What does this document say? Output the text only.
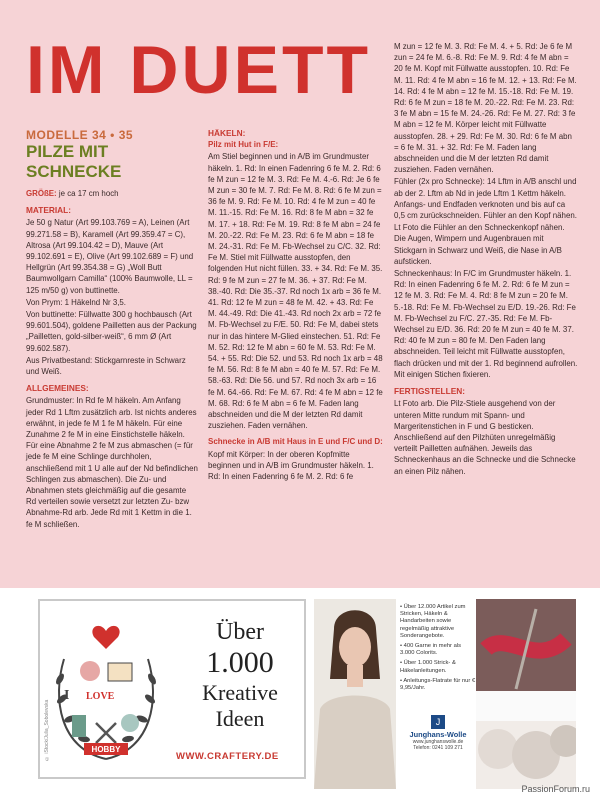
IM DUETT
MODELLE 34 • 35
PILZE MIT SCHNECKE
GRÖßE: je ca 17 cm hoch
MATERIAL:
Je 50 g Natur (Art 99.103.769 = A), Leinen (Art 99.271.58 = B), Karamell (Art 99.359.47 = C), Altrosa (Art 99.104.42 = D), Mauve (Art 99.102.691 = E), Olive (Art 99.102.689 = F) und Hellgrün (Art 99.354.38 = G) „Woll Butt Baumwollgarn Camilla“ (100% Baumwolle, LL = 125 m/50 g) von buttinette.
Von Prym: 1 Häkelnd Nr 3,5.
Von buttinette: Füllwatte 300 g hochbausch (Art 99.601.504), goldene Pailletten aus der Packung „Pailletten, gold-silber-weiß“, 6 mm Ø (Art 99.602.587).
Aus Privatbestand: Stickgarnreste in Schwarz und Weiß.
ALLGEMEINES:
Grundmuster: In Rd fe M häkeln. Am Anfang jeder Rd 1 Lftm zusätzlich arb. Ist nichts anderes erwähnt, in jede fe M 1 fe M häkeln. Für eine Zunahme 2 fe M in eine Einstichstelle häkeln. Für eine Abnahme 2 fe M zus abmaschen (= für jede fe M eine Schlinge durchholen, anschließend mit 1 U alle auf der Nd befindlichen Schlingen zus abmaschen). Die Zu- und Abnahmen stets gleichmäßig auf die gesamte Rd verteilen sowie versetzt zur letzten Zu- bzw Abnahme-Rd arb. Jede Rd mit 1 Kettm in die 1. fe M schließen.
HÄKELN:
Pilz mit Hut in F/E:
Am Stiel beginnen und in A/B im Grundmuster häkeln. 1. Rd: In einen Fadenring 6 fe M. 2. Rd: 6 fe M zun = 12 fe M. 3. Rd: Fe M. 4.-6. Rd: Je 6 fe M zun = 30 fe M. 7. Rd: Fe M. 8. Rd: 6 fe M zun = 36 fe M. 9. Rd: Fe M. 10. Rd: 4 fe M zun = 40 fe M. 11.-15. Rd: Fe M. 16. Rd: 8 fe M abn = 32 fe M. 17. + 18. Rd: Fe M. 19. Rd: 8 fe M abn = 24 fe M. 20.-22. Rd: Fe M. 23. Rd: 6 fe M abn = 18 fe M. 24.-31. Rd: Fe M. Fb-Wechsel zu C/C. 32. Rd: Fe M. Stiel mit Füllwatte ausstopfen, den folgenden Hut nicht füllen. 33. + 34. Rd: Fe M. 35. Rd: 9 fe M zun = 27 fe M. 36. + 37. Rd: Fe M. 38.-40. Rd: Die 35.-37. Rd noch 1x arb = 36 fe M. 41. Rd: 12 fe M zun = 48 fe M. 42. + 43. Rd: Fe M. 44.-49. Rd: Die 41.-43. Rd noch 2x arb = 72 fe M. Fb-Wechsel zu F/E. 50. Rd: Fe M, dabei stets nur in das hintere M-Glied einstechen. 51. Rd: Fe M. 52. Rd: 12 fe M abn = 60 fe M. 53. Rd: Fe M. 54. + 55. Rd: Die 52. und 53. Rd noch 1x arb = 48 fe M. 56. Rd: 8 fe M abn = 40 fe M. 57. Rd: Fe M. 58.-63. Rd: Die 56. und 57. Rd noch 3x arb = 16 fe M. 64.-66. Rd: Fe M. 67. Rd: 4 fe M abn = 12 fe M. 68. Rd: 6 fe M abn = 6 fe M. Faden lang abschneiden und die M der letzten Rd damit zusziehen. Faden vernähen.
Schnecke in A/B mit Haus in E und F/C und D:
Kopf mit Körper: In der oberen Kopfmitte beginnen und in A/B im Grundmuster häkeln. 1. Rd: In einen Fadenring 6 fe M. 2. Rd: 6 fe
M zun = 12 fe M. 3. Rd: Fe M. 4. + 5. Rd: Je 6 fe M zun = 24 fe M. 6.-8. Rd: Fe M. 9. Rd: 4 fe M abn = 20 fe M. Kopf mit Füllwatte ausstopfen. 10. Rd: Fe M. 11. Rd: 4 fe M abn = 16 fe M. 12. + 13. Rd: Fe M. 14. Rd: 4 fe M abn = 12 fe M. 15.-18. Rd: Fe M. 19. Rd: 6 fe M zun = 18 fe M. 20.-22. Rd: Fe M. 23. Rd: 3 fe M abn = 15 fe M. 24.-26. Rd: Fe M. 27. Rd: 3 fe M abn = 12 fe M. Körper leicht mit Füllwatte ausstopfen. 28. + 29. Rd: Fe M. 30. Rd: 6 fe M abn = 6 fe M. 31. + 32. Rd: Fe M. Faden lang abschneiden und die M der letzten Rd damit zusziehen. Faden vernähen.
Fühler (2x pro Schnecke): 14 Lftm in A/B anschl und ab der 2. Lftm ab Nd in jede Lftm 1 Kettm häkeln. Anfangs- und Endfaden verknoten und bis auf ca 0,5 cm zurückschneiden. Fühler an den Kopf nähen.
Lt Foto die Fühler an den Schneckenkopf nähen. Die Augen, Wimpern und Augenbrauen mit Stickgarn in Schwarz und Weiß, die Nase in A/B aufsticken.
Schneckenhaus: In F/C im Grundmuster häkeln. 1. Rd: In einen Fadenring 6 fe M. 2. Rd: 6 fe M zun = 12 fe M. 3. Rd: Fe M. 4. Rd: 8 fe M zun = 20 fe M. 5.-18. Rd: Fe M. Fb-Wechsel zu E/D. 19.-26. Rd: Fe M. Fb-Wechsel zu F/C. 27.-35. Rd: Fe M. Fb-Wechsel zu E/D. 36. Rd: 20 fe M zun = 40 fe M. 37. Rd: 40 fe M zun = 80 fe M. Den Faden lang abschneiden. Teil leicht mit Füllwatte ausstopfen, flach drücken und mit der 1. Rd beginnend aufrollen. Mit einigen Stichen fixieren.
FERTIGSTELLEN:
Lt Foto arb. Die Pilz-Stiele ausgehend von der unteren Mitte rundum mit Spann- und Margeritenstichen in F und G besticken. Anschließend auf den Pilzhüten unregelmäßig verteilt Pailletten aufnähen. Jeweils das Schneckenhaus an die Schnecke und die Schnecke an einen Pilz nähen.
© iStock/Julia_Sobolevska	HOBBY
I LOVE
Über
1.000
Kreative
Ideen
WWW.CRAFTERY.DE
• Über 12.000 Artikel zum Stricken, Häkeln & Handarbeiten sowie regelmäßig attraktive Sonderangebote.
• 400 Garne in mehr als 3.000 Colorits.
• Über 1.000 Strick- & Häkelanleitungen.
• Anleitungs-Flatrate für nur € 9,95/Jahr.
J
Junghans-Wolle
www.junghanswolle.de
Telefon: 0241 109 271
PassionForum.ru
